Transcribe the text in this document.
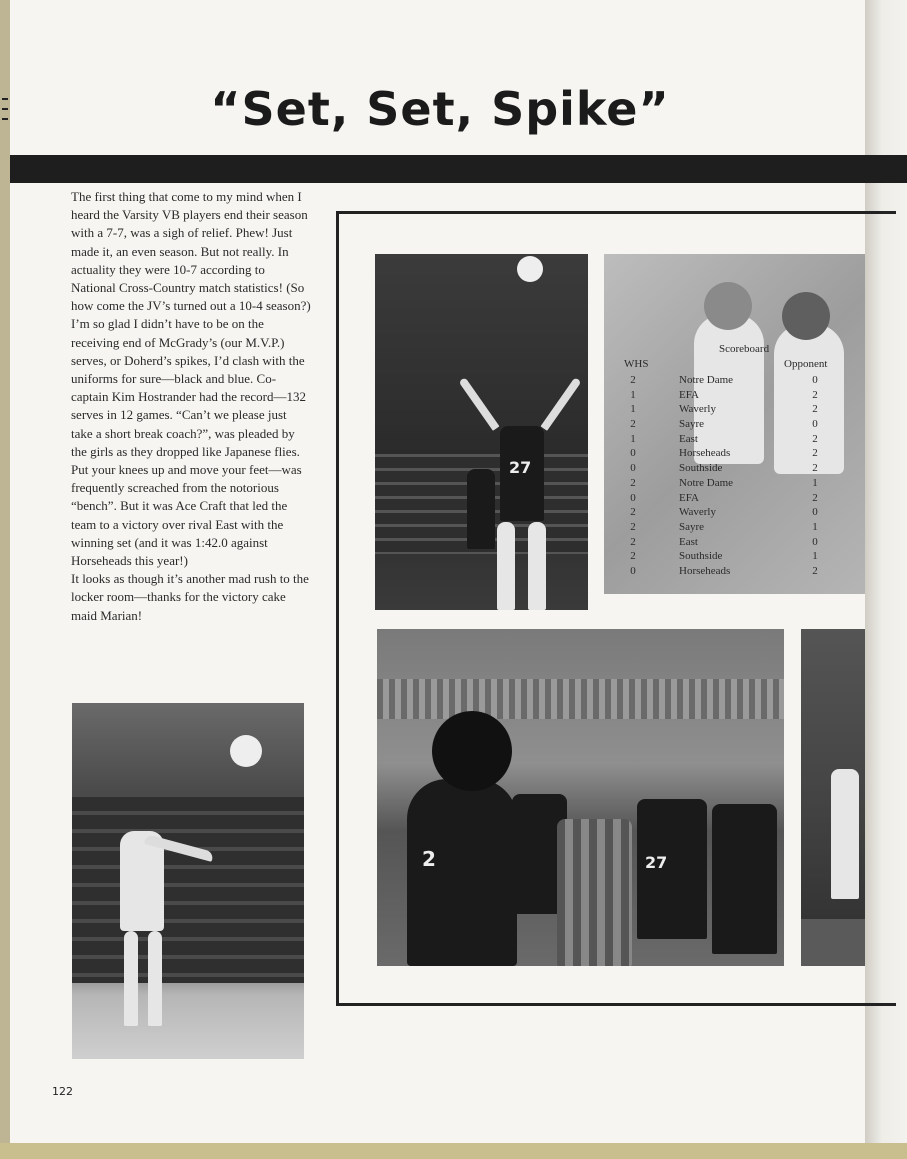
“Set, Set, Spike”

The first thing that come to my mind when I heard the Varsity VB players end their season with a 7-7, was a sigh of relief. Phew! Just made it, an even season. But not really. In actuality they were 10-7 according to National Cross-Country match statistics! (So how come the JV’s turned out a 10-4 season?)

I’m so glad I didn’t have to be on the receiving end of McGrady’s (our M.V.P.) serves, or Doherd’s spikes, I’d clash with the uniforms for sure—black and blue. Co-captain Kim Hostrander had the record—132 serves in 12 games. “Can’t we please just take a short break coach?”, was pleaded by the girls as they dropped like Japanese flies. Put your knees up and move your feet—was frequently screached from the notorious “bench”. But it was Ace Craft that led the team to a victory over rival East with the winning set (and it was 1:42.0 against Horseheads this year!)

It looks as though it’s another mad rush to the locker room—thanks for the victory cake maid Marian!

27
Scoreboard
WHS	Opponent
2
1
1
2
1
0
0
2
0
2
2
2
2
0
Notre Dame
EFA
Waverly
Sayre
East
Horseheads
Southside
Notre Dame
EFA
Waverly
Sayre
East
Southside
Horseheads
0
2
2
0
2
2
2
1
2
0
1
0
1
2
2	27
122
